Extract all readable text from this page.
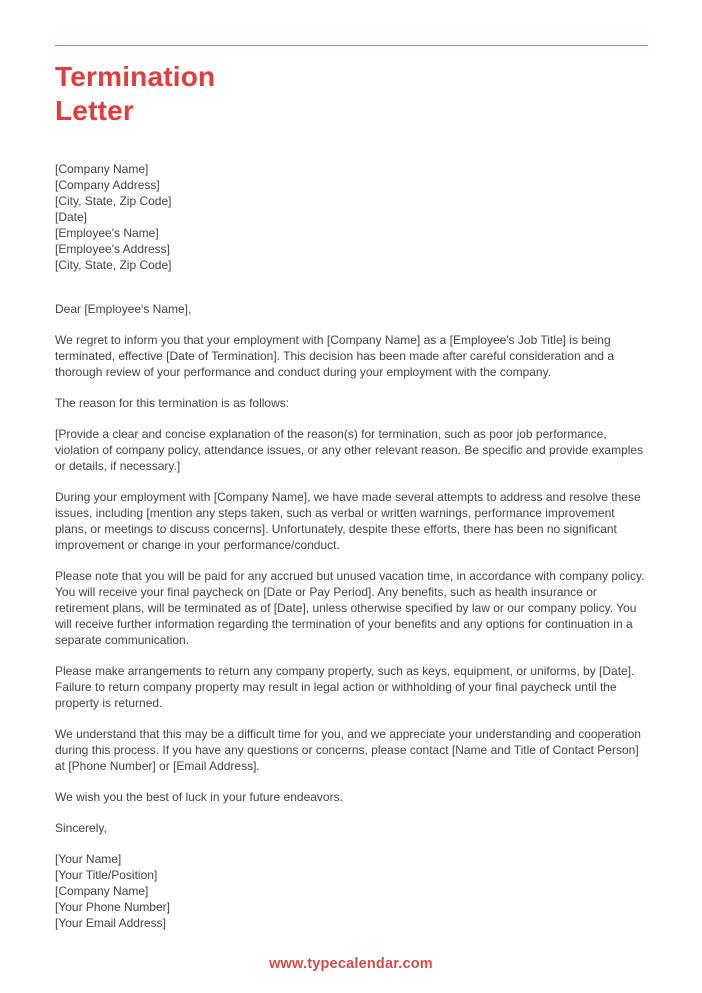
Termination
Letter

[Company Name]

[Company Address]

[City, State, Zip Code]

[Date]

[Employee's Name]

[Employee's Address]

[City, State, Zip Code]

Dear [Employee's Name],

We regret to inform you that your employment with [Company Name] as a [Employee's Job Title] is being terminated, effective [Date of Termination]. This decision has been made after careful consideration and a thorough review of your performance and conduct during your employment with the company.

The reason for this termination is as follows:

[Provide a clear and concise explanation of the reason(s) for termination, such as poor job performance, violation of company policy, attendance issues, or any other relevant reason. Be specific and provide examples or details, if necessary.]

During your employment with [Company Name], we have made several attempts to address and resolve these issues, including [mention any steps taken, such as verbal or written warnings, performance improvement plans, or meetings to discuss concerns]. Unfortunately, despite these efforts, there has been no significant improvement or change in your performance/conduct.

Please note that you will be paid for any accrued but unused vacation time, in accordance with company policy. You will receive your final paycheck on [Date or Pay Period]. Any benefits, such as health insurance or retirement plans, will be terminated as of [Date], unless otherwise specified by law or our company policy. You will receive further information regarding the termination of your benefits and any options for continuation in a separate communication.

Please make arrangements to return any company property, such as keys, equipment, or uniforms, by [Date]. Failure to return company property may result in legal action or withholding of your final paycheck until the property is returned.

We understand that this may be a difficult time for you, and we appreciate your understanding and cooperation during this process. If you have any questions or concerns, please contact [Name and Title of Contact Person] at [Phone Number] or [Email Address].

We wish you the best of luck in your future endeavors.

Sincerely,

[Your Name]

[Your Title/Position]

[Company Name]

[Your Phone Number]

[Your Email Address]

www.typecalendar.com
